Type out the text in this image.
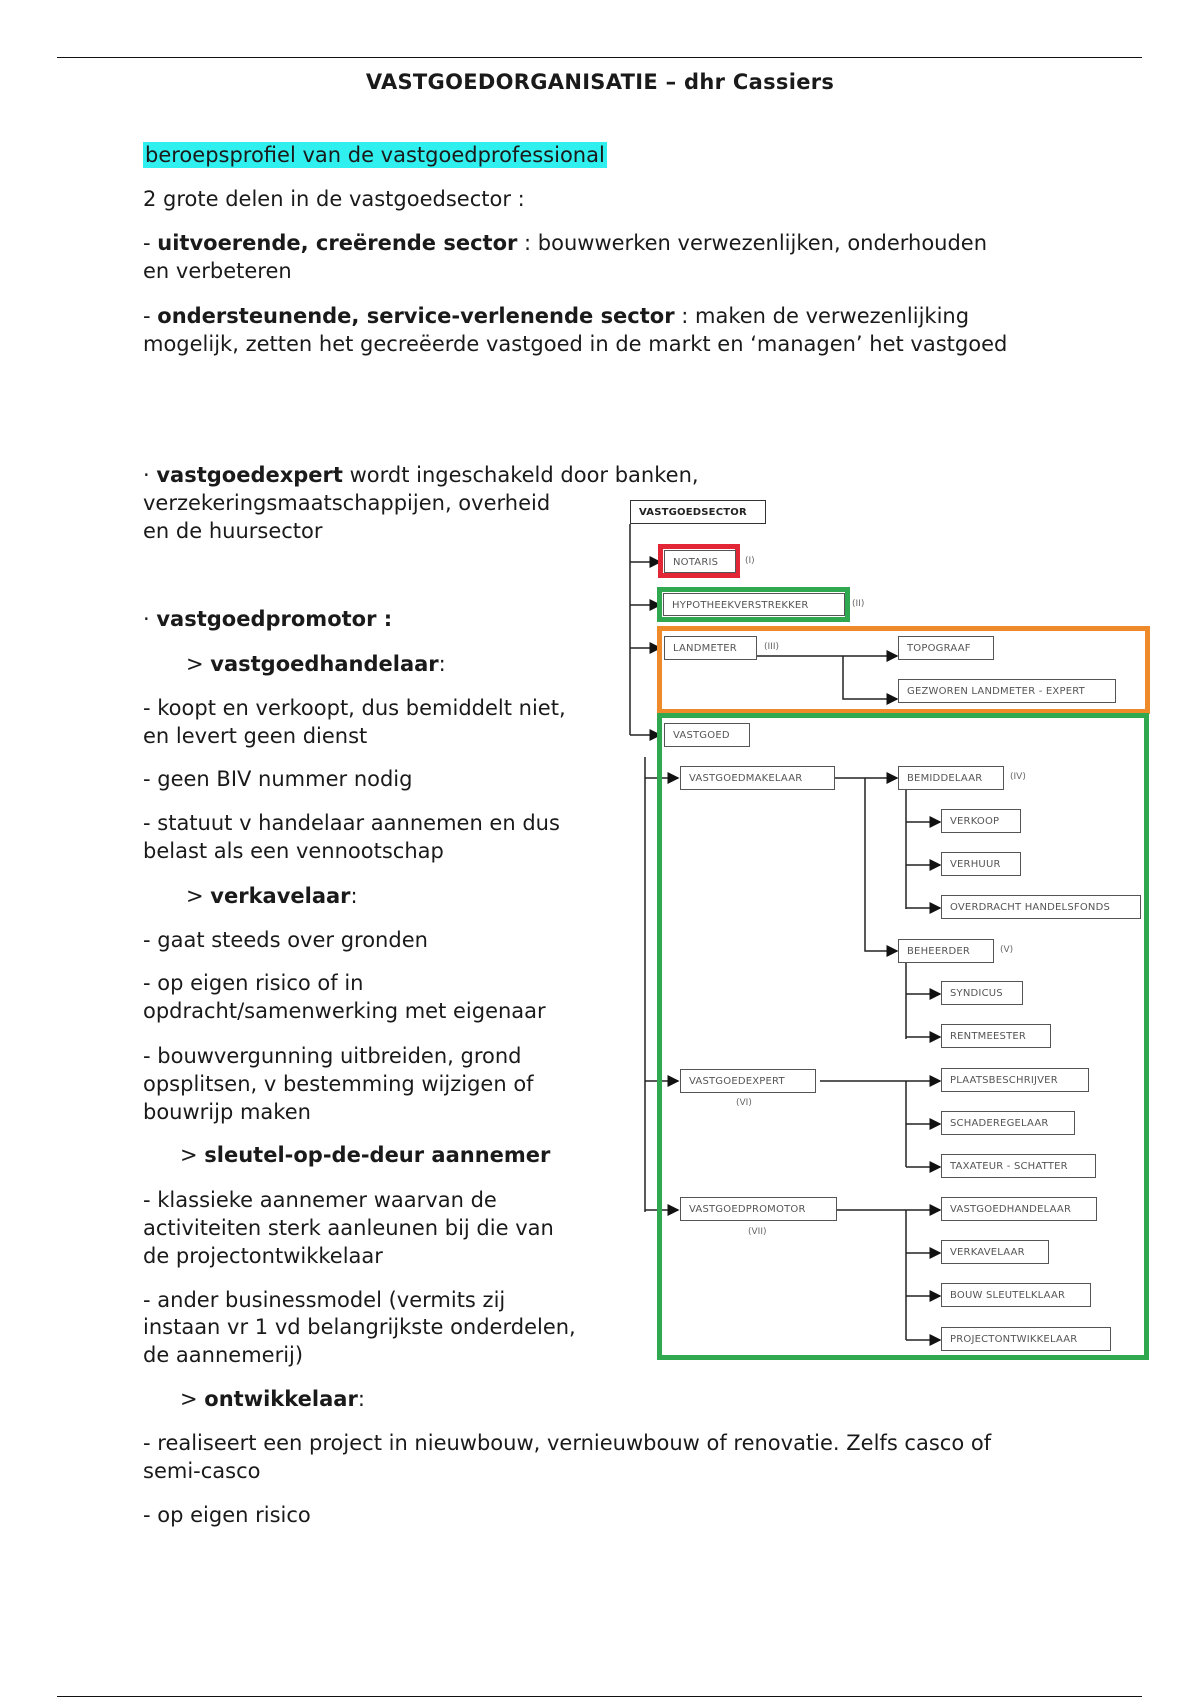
VASTGOEDORGANISATIE – dhr Cassiers

beroepsprofiel van de vastgoedprofessional

2 grote delen in de vastgoedsector :

- uitvoerende, creërende sector : bouwwerken verwezenlijken, onderhouden

en verbeteren

- ondersteunende, service-verlenende sector : maken de verwezenlijking

mogelijk, zetten het gecreëerde vastgoed in de markt en ‘managen’ het vastgoed

· vastgoedexpert wordt ingeschakeld door banken,

verzekeringsmaatschappijen, overheid

en de huursector

· vastgoedpromotor :

> vastgoedhandelaar:

- koopt en verkoopt, dus bemiddelt niet,

en levert geen dienst

- geen BIV nummer nodig

- statuut v handelaar aannemen en dus

belast als een vennootschap

> verkavelaar:

- gaat steeds over gronden

- op eigen risico of in

opdracht/samenwerking met eigenaar

- bouwvergunning uitbreiden, grond

opsplitsen, v bestemming wijzigen of

bouwrijp maken

> sleutel-op-de-deur aannemer

- klassieke aannemer waarvan de

activiteiten sterk aanleunen bij die van

de projectontwikkelaar

- ander businessmodel (vermits zij

instaan vr 1 vd belangrijkste onderdelen,

de aannemerij)

> ontwikkelaar:

- realiseert een project in nieuwbouw, vernieuwbouw of renovatie. Zelfs casco of

semi-casco

- op eigen risico

VASTGOEDSECTOR
NOTARIS	(I)
HYPOTHEEKVERSTREKKER	(II)
LANDMETER	(III)	TOPOGRAAF
GEZWOREN LANDMETER - EXPERT
VASTGOED
VASTGOEDMAKELAAR	BEMIDDELAAR	(IV)
VERKOOP
VERHUUR
OVERDRACHT HANDELSFONDS
BEHEERDER	(V)
SYNDICUS
RENTMEESTER
VASTGOEDEXPERT
(VI)
PLAATSBESCHRIJVER
SCHADEREGELAAR
TAXATEUR - SCHATTER
VASTGOEDPROMOTOR
(VII)
VASTGOEDHANDELAAR
VERKAVELAAR
BOUW SLEUTELKLAAR
PROJECTONTWIKKELAAR
